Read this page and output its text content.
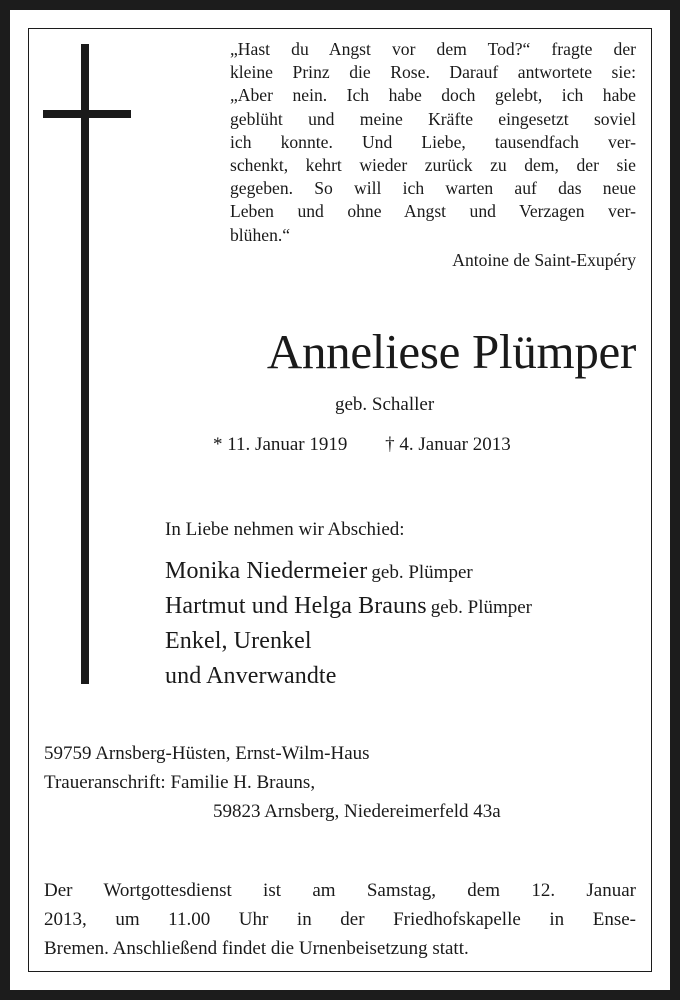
„Hast du Angst vor dem Tod?“ fragte der
kleine Prinz die Rose. Darauf antwortete sie:
„Aber nein. Ich habe doch gelebt, ich habe
geblüht und meine Kräfte eingesetzt soviel
ich konnte. Und Liebe, tausendfach ver-
schenkt, kehrt wieder zurück zu dem, der sie
gegeben. So will ich warten auf das neue
Leben und ohne Angst und Verzagen ver-
blühen.“
Antoine de Saint-Exupéry
Anneliese Plümper
geb. Schaller
* 11. Januar 1919 † 4. Januar 2013
In Liebe nehmen wir Abschied:
Monika Niedermeier geb. Plümper
Hartmut und Helga Brauns geb. Plümper
Enkel, Urenkel
und Anverwandte
59759 Arnsberg-Hüsten, Ernst-Wilm-Haus
Traueranschrift: Familie H. Brauns,
59823 Arnsberg, Niedereimerfeld 43a
Der Wortgottesdienst ist am Samstag, dem 12. Januar
2013, um 11.00 Uhr in der Friedhofskapelle in Ense-
Bremen. Anschließend findet die Urnenbeisetzung statt.
